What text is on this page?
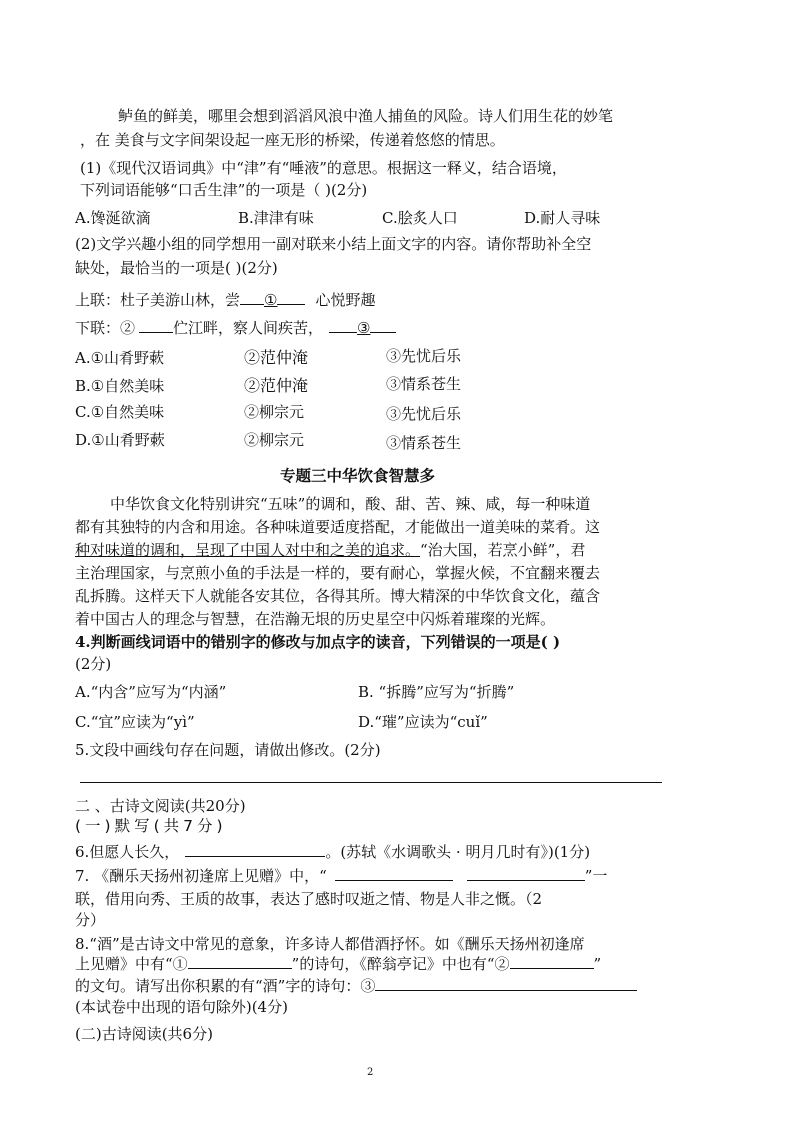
鲈鱼的鲜美，哪里会想到滔滔风浪中渔人捕鱼的风险。诗人们用生花的妙笔
，在 美食与文字间架设起一座无形的桥梁，传递着悠悠的情思。
(1)《现代汉语词典》中“津”有“唾液”的意思。根据这一释义，结合语境，
下列词语能够“口舌生津”的一项是（ )(2分)
A.馋涎欲滴	B.津津有味	C.脍炙人口	D.耐人寻味
(2)文学兴趣小组的同学想用一副对联来小结上面文字的内容。请你帮助补全空
缺处，最恰当的一项是( )(2分)
上联：杜子美游山林，尝 ①	心悦野趣
下联：②	伫江畔，察人间疾苦， ③
A.①山肴野蔌	②范仲淹	③先忧后乐
B.①自然美味	②范仲淹	③情系苍生
C.①自然美味	②柳宗元	③先忧后乐
D.①山肴野蔌	②柳宗元	③情系苍生
专题三中华饮食智慧多
中华饮食文化特别讲究“五味”的调和，酸、甜、苦、辣、咸，每一种味道
都有其独特的内含和用途。各种味道要适度搭配，才能做出一道美味的菜肴。这
种对味道的调和，呈现了中国人对中和之美的追求。“治大国，若烹小鲜”，君
主治理国家，与烹煎小鱼的手法是一样的，要有耐心，掌握火候，不宜翻来覆去
乱拆腾。这样天下人就能各安其位，各得其所。博大精深的中华饮食文化，蕴含
着中国古人的理念与智慧，在浩瀚无垠的历史星空中闪烁着璀璨的光辉。
4.判断画线词语中的错别字的修改与加点字的读音，下列错误的一项是( )
(2分)
A.“内含”应写为“内涵”	B. “拆腾”应写为“折腾”
C.“宜”应读为“yì”	D.“璀”应读为“cuǐ”
5.文段中画线句存在问题，请做出修改。(2分)
二 、古诗文阅读(共20分)
(一)默写(共7分)
6.但愿人长久，	。(苏轼《水调歌头 · 明月几时有》)(1分)
7. 《酬乐天扬州初逢席上见赠》中，“	”一
联，借用向秀、王质的故事，表达了感时叹逝之情、物是人非之慨。（2
分）
8.“酒”是古诗文中常见的意象，许多诗人都借酒抒怀。如《酬乐天扬州初逢席
上见赠》中有“①	”的诗句，《醉翁亭记》中也有“②	”
的文句。请写出你积累的有“酒”字的诗句：③
(本试卷中出现的语句除外)(4分)
(二)古诗阅读(共6分)
2
